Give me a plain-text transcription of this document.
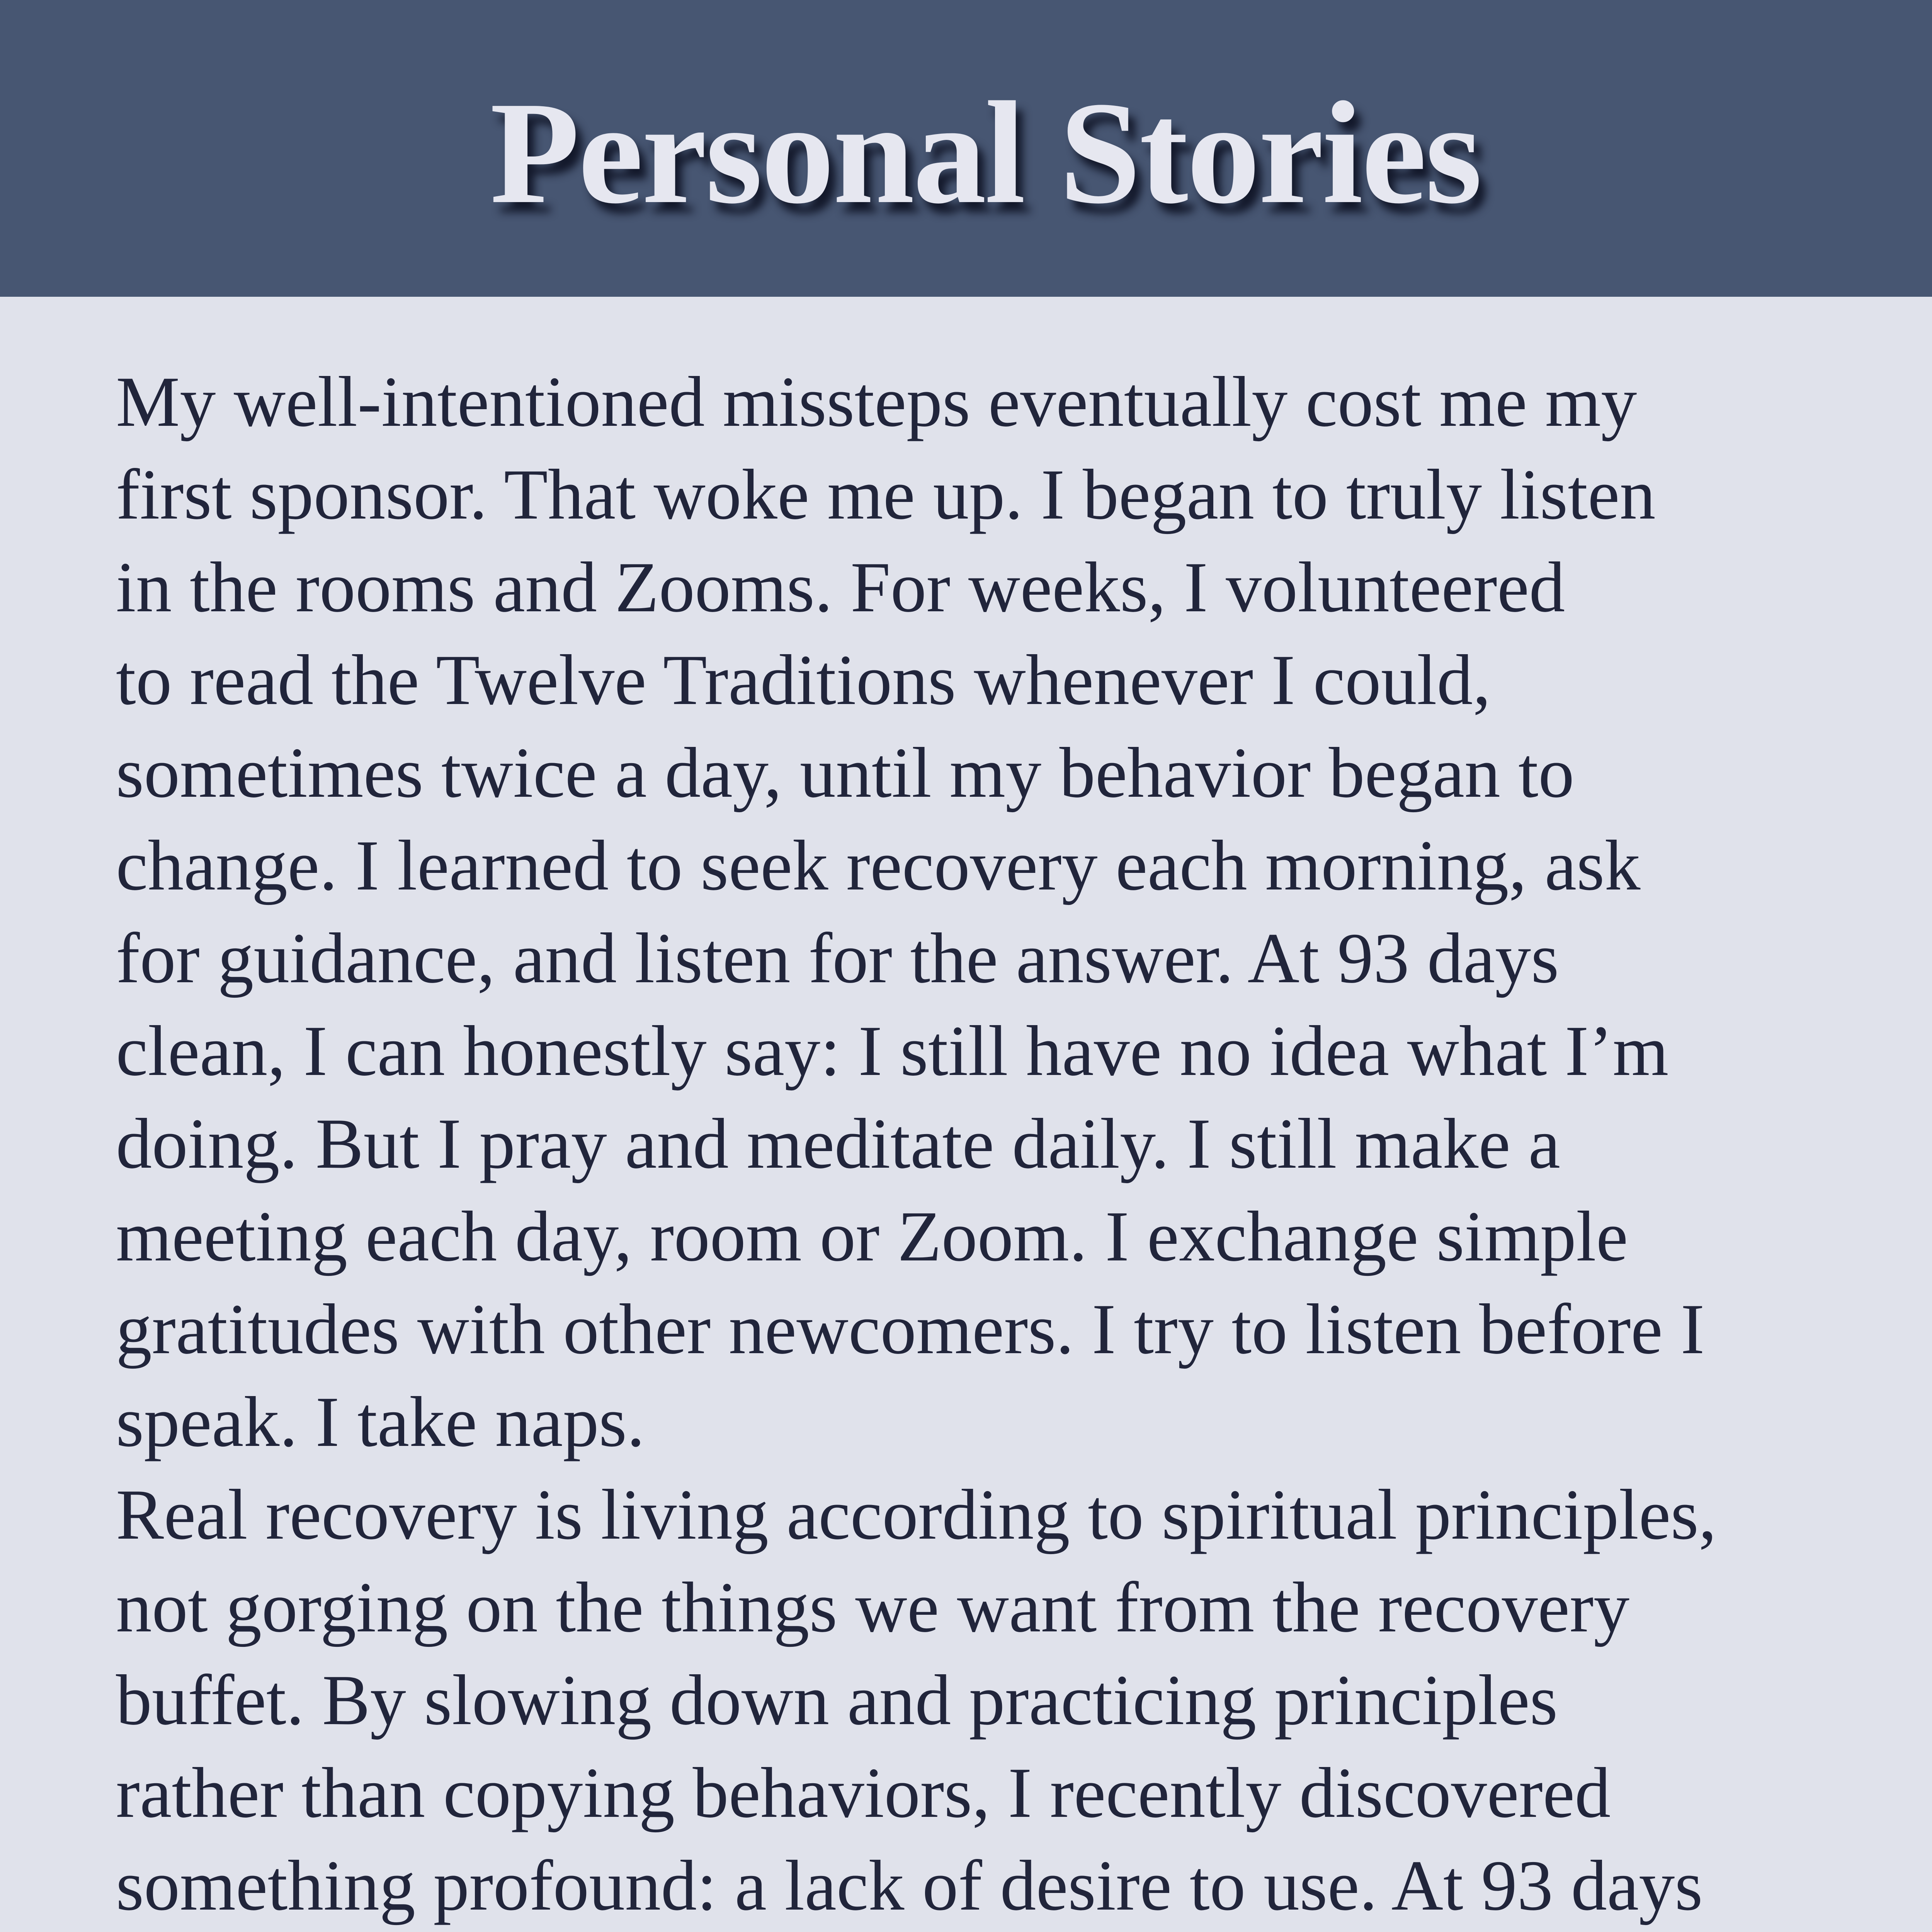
Personal Stories
My well-intentioned missteps eventually cost me my
first sponsor. That woke me up. I began to truly listen
in the rooms and Zooms. For weeks, I volunteered
to read the Twelve Traditions whenever I could,
sometimes twice a day, until my behavior began to
change. I learned to seek recovery each morning, ask
for guidance, and listen for the answer. At 93 days
clean, I can honestly say: I still have no idea what I’m
doing. But I pray and meditate daily. I still make a
meeting each day, room or Zoom. I exchange simple
gratitudes with other newcomers. I try to listen before I
speak. I take naps.
Real recovery is living according to spiritual principles,
not gorging on the things we want from the recovery
buffet. By slowing down and practicing principles
rather than copying behaviors, I recently discovered
something profound: a lack of desire to use. At 93 days
